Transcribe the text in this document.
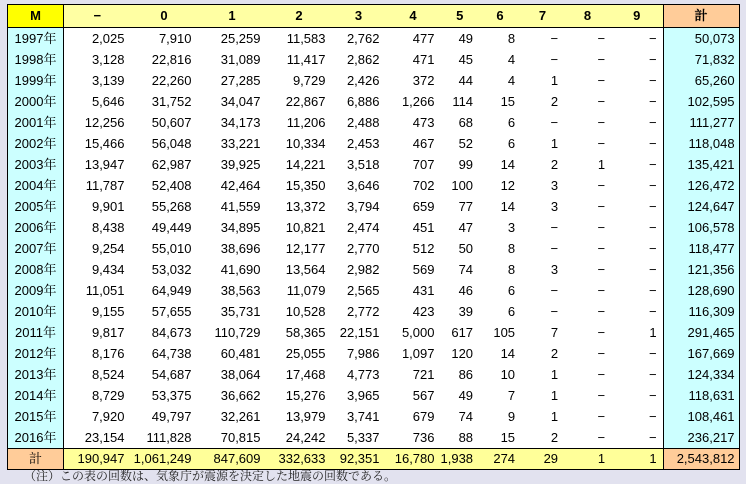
M	−	0	1	2	3	4	5	6	7	8	9	計
1997年	2,025	7,910	25,259	11,583	2,762	477	49	8	−	−	−	50,073
1998年	3,128	22,816	31,089	11,417	2,862	471	45	4	−	−	−	71,832
1999年	3,139	22,260	27,285	9,729	2,426	372	44	4	1	−	−	65,260
2000年	5,646	31,752	34,047	22,867	6,886	1,266	114	15	2	−	−	102,595
2001年	12,256	50,607	34,173	11,206	2,488	473	68	6	−	−	−	111,277
2002年	15,466	56,048	33,221	10,334	2,453	467	52	6	1	−	−	118,048
2003年	13,947	62,987	39,925	14,221	3,518	707	99	14	2	1	−	135,421
2004年	11,787	52,408	42,464	15,350	3,646	702	100	12	3	−	−	126,472
2005年	9,901	55,268	41,559	13,372	3,794	659	77	14	3	−	−	124,647
2006年	8,438	49,449	34,895	10,821	2,474	451	47	3	−	−	−	106,578
2007年	9,254	55,010	38,696	12,177	2,770	512	50	8	−	−	−	118,477
2008年	9,434	53,032	41,690	13,564	2,982	569	74	8	3	−	−	121,356
2009年	11,051	64,949	38,563	11,079	2,565	431	46	6	−	−	−	128,690
2010年	9,155	57,655	35,731	10,528	2,772	423	39	6	−	−	−	116,309
2011年	9,817	84,673	110,729	58,365	22,151	5,000	617	105	7	−	1	291,465
2012年	8,176	64,738	60,481	25,055	7,986	1,097	120	14	2	−	−	167,669
2013年	8,524	54,687	38,064	17,468	4,773	721	86	10	1	−	−	124,334
2014年	8,729	53,375	36,662	15,276	3,965	567	49	7	1	−	−	118,631
2015年	7,920	49,797	32,261	13,979	3,741	679	74	9	1	−	−	108,461
2016年	23,154	111,828	70,815	24,242	5,337	736	88	15	2	−	−	236,217
計	190,947	1,061,249	847,609	332,633	92,351	16,780	1,938	274	29	1	1	2,543,812
（注）この表の回数は、気象庁が震源を決定した地震の回数である。
